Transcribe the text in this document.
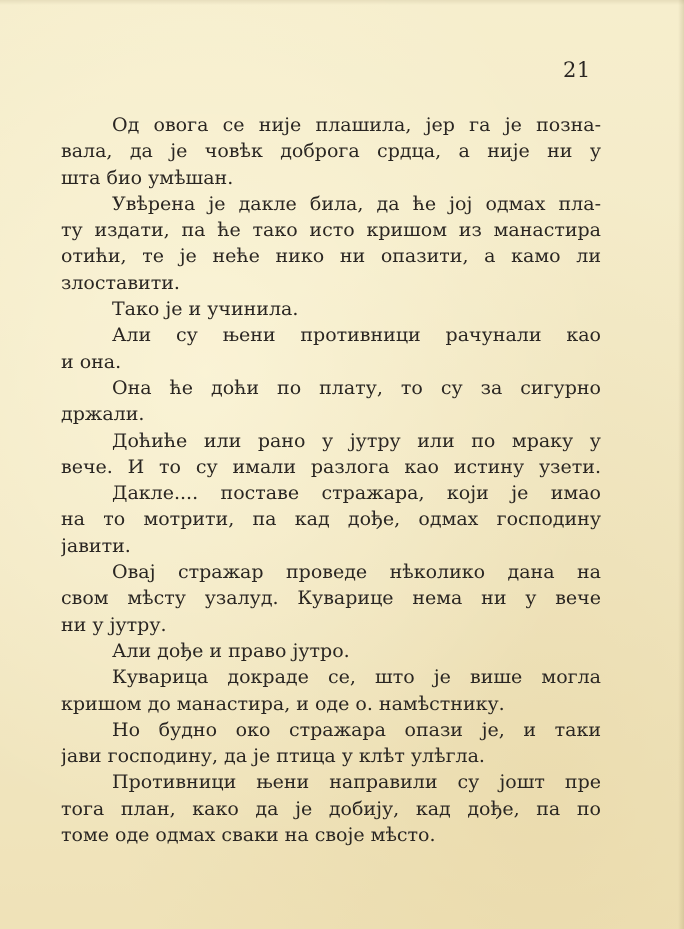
21
Од овога се није плашила, јер га је позна-
вала, да је човѣк доброга срдца, а није ни у
шта био умѣшан.
Увѣрена је дакле била, да ће јој одмах пла-
ту издати, па ће тако исто кришом из манастира
отићи, те је неће нико ни опазити, а камо ли
злоставити.
Тако је и учинила.
Али су њени противници рачунали као
и она.
Она ће доћи по плату, то су за сигурно
држали.
Доћиће или рано у јутру или по мраку у
вече. И то су имали разлога као истину узети.
Дакле.... поставе стражара, који је имао
на то мотрити, па кад дође, одмах господину
јавити.
Овај стражар проведе нѣколико дана на
свом мѣсту узалуд. Куварице нема ни у вече
ни у јутру.
Али дође и право јутро.
Куварица докраде се, што је више могла
кришом до манастира, и оде о. намѣстнику.
Но будно око стражара опази је, и таки
јави господину, да је птица у клѣт улѣгла.
Противници њени направили су јошт пре
тога план, како да је добију, кад дође, па по
томе оде одмах сваки на своје мѣсто.
